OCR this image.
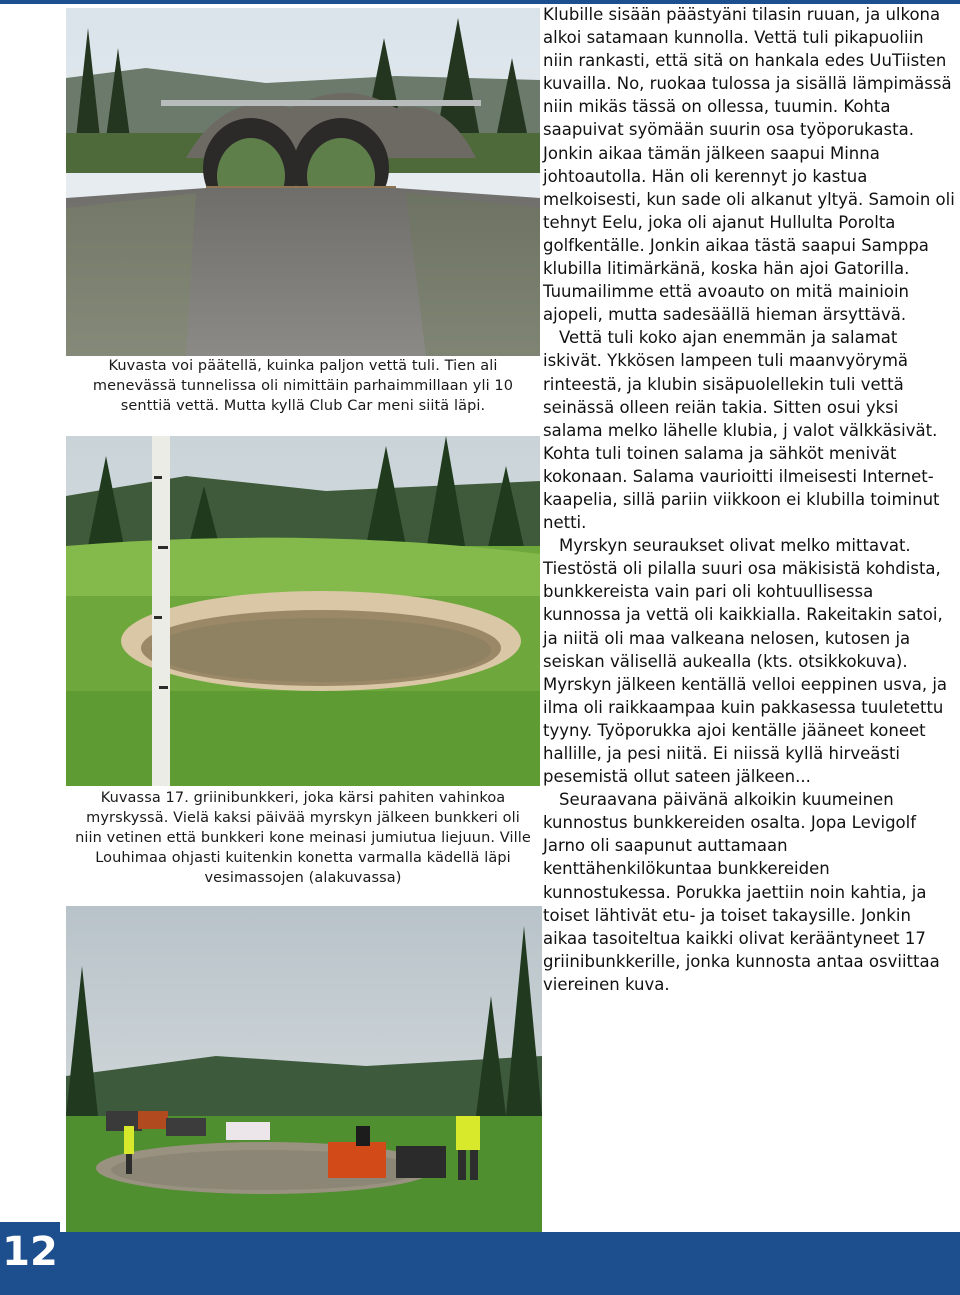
Kuvasta voi päätellä, kuinka paljon vettä tuli. Tien ali
menevässä tunnelissa oli nimittäin parhaimmillaan yli 10
senttiä vettä. Mutta kyllä Club Car meni siitä läpi.
Kuvassa 17. griinibunkkeri, joka kärsi pahiten vahinkoa
myrskyssä. Vielä kaksi päivää myrskyn jälkeen bunkkeri oli
niin vetinen että bunkkeri kone meinasi jumiutua liejuun. Ville
Louhimaa ohjasti kuitenkin konetta varmalla kädellä läpi
vesimassojen (alakuvassa)

Klubille sisään päästyäni tilasin ruuan, ja ulkona alkoi satamaan kunnolla. Vettä tuli pikapuoliin niin rankasti, että sitä on hankala edes UuTiisten kuvailla. No, ruokaa tulossa ja sisällä lämpimässä niin mikäs tässä on ollessa, tuumin. Kohta saapuivat syömään suurin osa työporukasta. Jonkin aikaa tämän jälkeen saapui Minna johtoautolla. Hän oli kerennyt jo kastua melkoisesti, kun sade oli alkanut yltyä. Samoin oli tehnyt Eelu, joka oli ajanut Hullulta Porolta golfkentälle. Jonkin aikaa tästä saapui Samppa klubilla litimärkänä, koska hän ajoi Gatorilla. Tuumailimme että avoauto on mitä mainioin ajopeli, mutta sadesäällä hieman ärsyttävä.

Vettä tuli koko ajan enemmän ja salamat iskivät. Ykkösen lampeen tuli maanvyörymä rinteestä, ja klubin sisäpuolellekin tuli vettä seinässä olleen reiän takia. Sitten osui yksi salama melko lähelle klubia, j valot välkkäsivät. Kohta tuli toinen salama ja sähköt menivät kokonaan. Salama vaurioitti ilmeisesti Internet-kaapelia, sillä pariin viikkoon ei klubilla toiminut netti.

Myrskyn seuraukset olivat melko mittavat. Tiestöstä oli pilalla suuri osa mäkisistä kohdista, bunkkereista vain pari oli kohtuullisessa kunnossa ja vettä oli kaikkialla. Rakeitakin satoi, ja niitä oli maa valkeana nelosen, kutosen ja seiskan välisellä aukealla (kts. otsikkokuva). Myrskyn jälkeen kentällä velloi eeppinen usva, ja ilma oli raikkaampaa kuin pakkasessa tuuletettu tyyny. Työporukka ajoi kentälle jääneet koneet hallille, ja pesi niitä. Ei niissä kyllä hirveästi pesemistä ollut sateen jälkeen...

Seuraavana päivänä alkoikin kuumeinen kunnostus bunkkereiden osalta. Jopa Levigolf Jarno oli saapunut auttamaan kenttähenkilökuntaa bunkkereiden kunnostukessa. Porukka jaettiin noin kahtia, ja toiset lähtivät etu- ja toiset takaysille. Jonkin aikaa tasoiteltua kaikki olivat kerääntyneet 17 griinibunkkerille, jonka kunnosta antaa osviittaa viereinen kuva.

12
